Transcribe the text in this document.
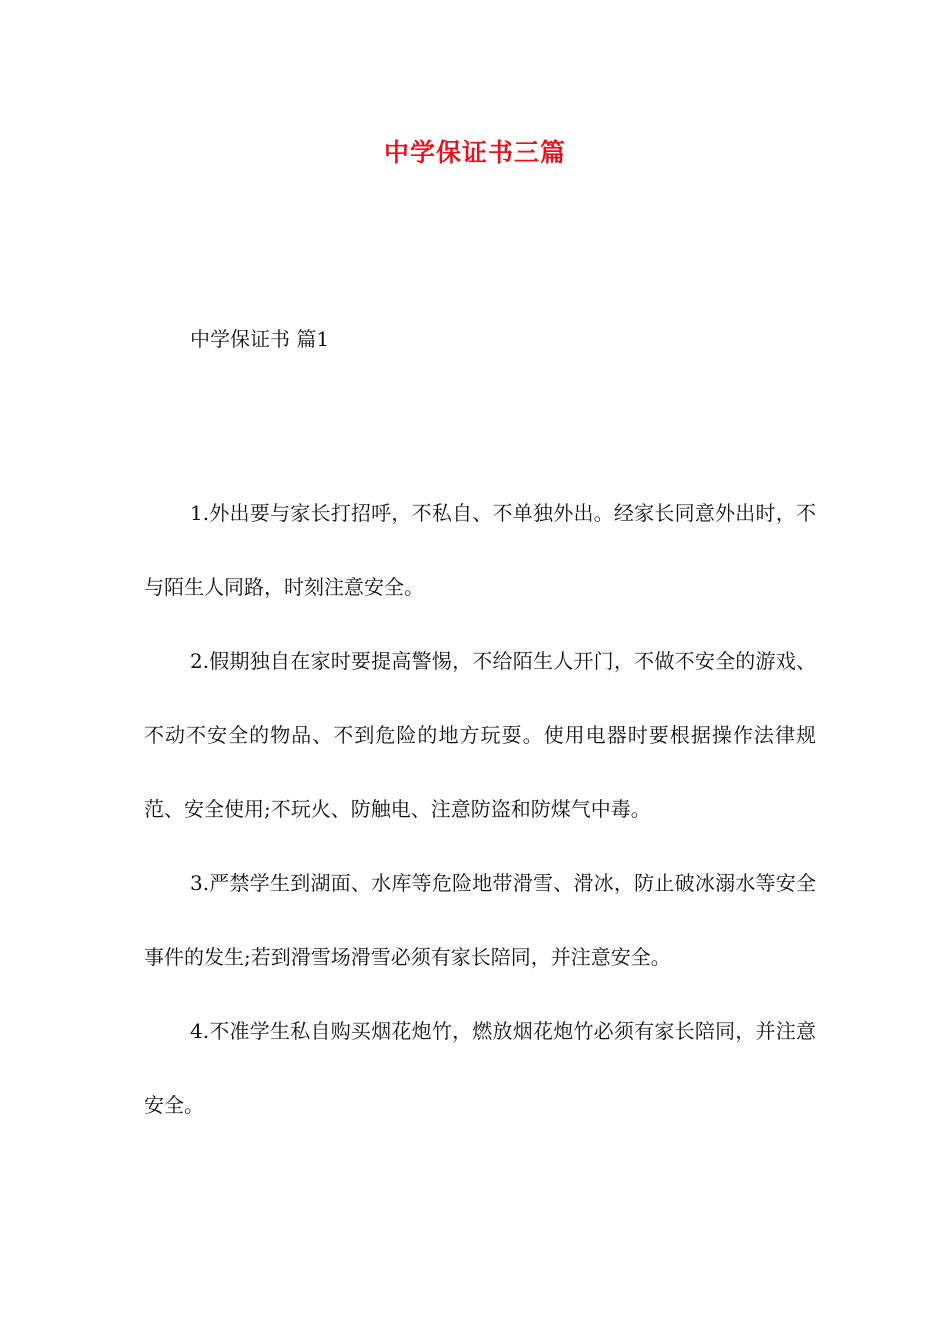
中学保证书三篇
中学保证书 篇1

1.外出要与家长打招呼，不私自、不单独外出。经家长同意外出时，不与陌生人同路，时刻注意安全。

2.假期独自在家时要提高警惕，不给陌生人开门，不做不安全的游戏、不动不安全的物品、不到危险的地方玩耍。使用电器时要根据操作法律规范、安全使用;不玩火、防触电、注意防盗和防煤气中毒。

3.严禁学生到湖面、水库等危险地带滑雪、滑冰，防止破冰溺水等安全事件的发生;若到滑雪场滑雪必须有家长陪同，并注意安全。

4.不准学生私自购买烟花炮竹，燃放烟花炮竹必须有家长陪同，并注意安全。
